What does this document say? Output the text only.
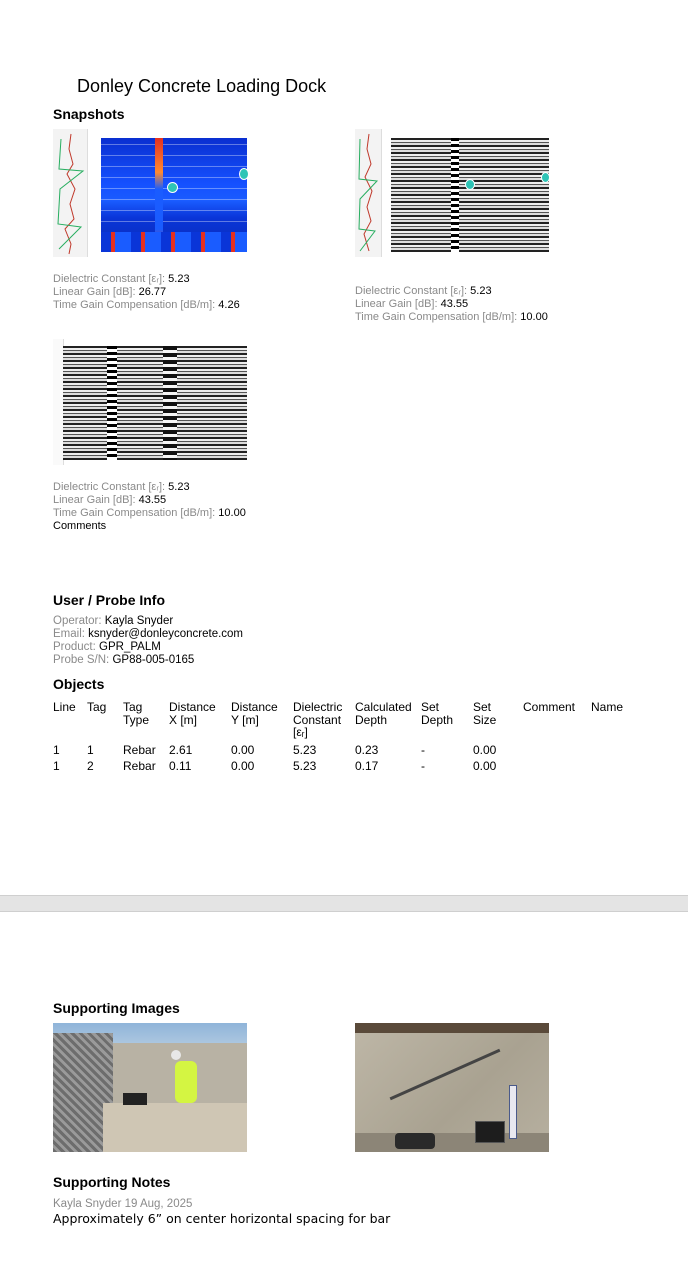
Donley Concrete Loading Dock
Snapshots
Dielectric Constant [εᵣ]: 5.23
Linear Gain [dB]: 26.77
Time Gain Compensation [dB/m]: 4.26
Dielectric Constant [εᵣ]: 5.23
Linear Gain [dB]: 43.55
Time Gain Compensation [dB/m]: 10.00
Dielectric Constant [εᵣ]: 5.23
Linear Gain [dB]: 43.55
Time Gain Compensation [dB/m]: 10.00
Comments
User / Probe Info
Operator: Kayla Snyder
Email: ksnyder@donleyconcrete.com
Product: GPR_PALM
Probe S/N: GP88-005-0165
Objects
Line	Tag	Tag Type	Distance X [m]	Distance Y [m]	Dielectric Constant [εᵣ]	Calculated Depth	Set Depth	Set Size	Comment	Name

1	1	Rebar	2.61	0.00	5.23	0.23	-	0.00		
1	2	Rebar	0.11	0.00	5.23	0.17	-	0.00		
Supporting Images
Supporting Notes
Kayla Snyder 19 Aug, 2025
Approximately 6” on center horizontal spacing for bar
